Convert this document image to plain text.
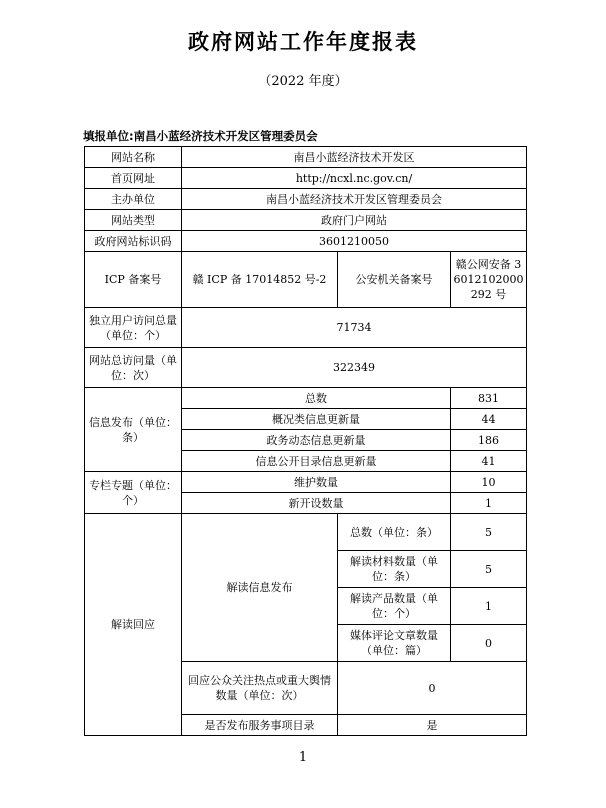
政府网站工作年度报表
（2022 年度）
填报单位:南昌小蓝经济技术开发区管理委员会
网站名称	南昌小蓝经济技术开发区		
首页网址	http://ncxl.nc.gov.cn/		
主办单位	南昌小蓝经济技术开发区管理委员会		
网站类型	政府门户网站		
政府网站标识码	3601210050		
ICP 备案号	赣 ICP 备 17014852 号-2	公安机关备案号	赣公网安备 36012102000292 号
独立用户访问总量（单位：个）	71734		
网站总访问量（单位：次）	322349		
信息发布（单位：条）	总数		831
	概况类信息更新量		44
	政务动态信息更新量		186
	信息公开目录信息更新量		41
专栏专题（单位：个）	维护数量		10
	新开设数量		1
解读回应	解读信息发布	总数（单位：条）	5
		解读材料数量（单位：条）	5
		解读产品数量（单位：个）	1
		媒体评论文章数量（单位：篇）	0
	回应公众关注热点或重大舆情数量（单位：次）	0	
	是否发布服务事项目录	是	
1
